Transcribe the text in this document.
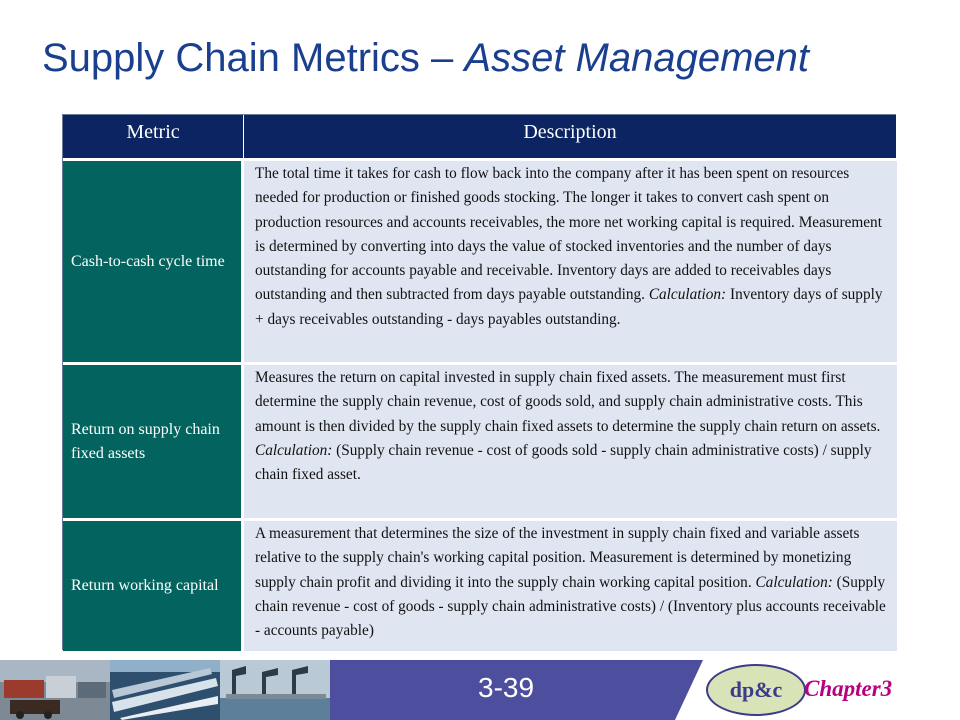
Supply Chain Metrics – Asset Management
Metric	Description
Cash-to-cash cycle time
The total time it takes for cash to flow back into the company after it has been spent on resources needed for production or finished goods stocking. The longer it takes to convert cash spent on production resources and accounts receivables, the more net working capital is required. Measurement is determined by converting into days the value of stocked inventories and the number of days outstanding for accounts payable and receivable. Inventory days are added to receivables days outstanding and then subtracted from days payable outstanding. Calculation: Inventory days of supply + days receivables outstanding - days payables outstanding.
Return on supply chain fixed assets
Measures the return on capital invested in supply chain fixed assets. The measurement must first determine the supply chain revenue, cost of goods sold, and supply chain administrative costs. This amount is then divided by the supply chain fixed assets to determine the supply chain return on assets. Calculation: (Supply chain revenue - cost of goods sold - supply chain administrative costs) / supply chain fixed asset.
Return working capital
A measurement that determines the size of the investment in supply chain fixed and variable assets relative to the supply chain's working capital position. Measurement is determined by monetizing supply chain profit and dividing it into the supply chain working capital position. Calculation: (Supply chain revenue - cost of goods - supply chain administrative costs) / (Inventory plus accounts receivable - accounts payable)
3-39	dp&c Chapter3
